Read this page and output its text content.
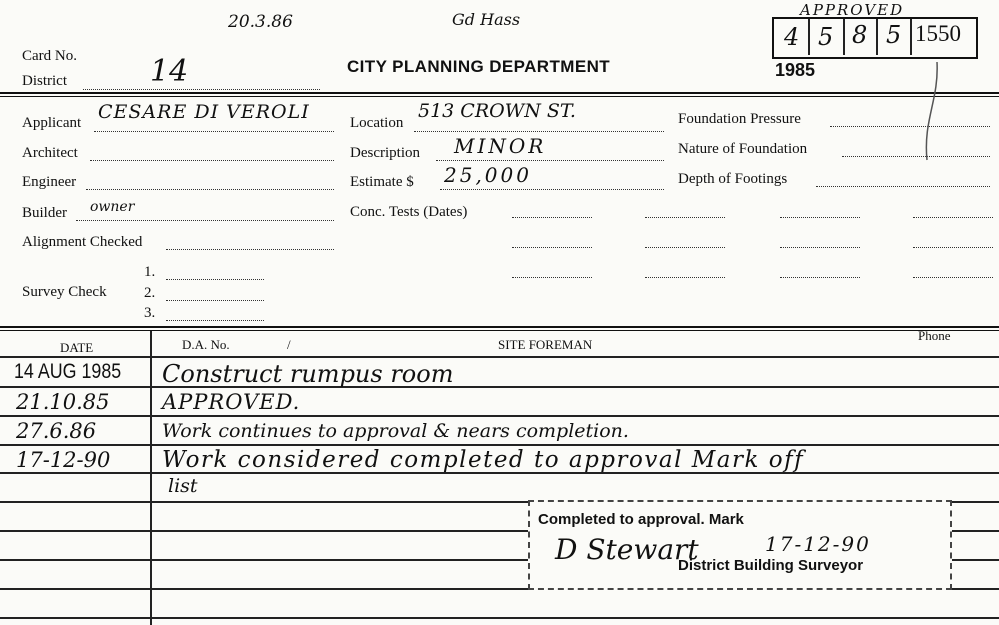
20.3.86	Gd Hass
Card No.
District	14	CITY PLANNING DEPARTMENT
APPROVED
4 5 8 5 1550
1985
Applicant CESARE DI VEROLI
Architect
Engineer
Builder owner
Alignment Checked
Survey Check
1.
2.
3.
Location
513 CROWN ST.
Description MINOR
Estimate $ 25,000
Conc. Tests (Dates)
Foundation Pressure
Nature of Foundation
Depth of Footings
DATE	D.A. No.	/	SITE FOREMAN
Phone
14 AUG 1985 Construct rumpus room
21.10.85 APPROVED.
27.6.86	Work continues to approval & nears completion.
17-12-90 Work considered completed to approval Mark off
list
Completed to approval. Mark
D Stewart	17-12-90
District Building Surveyor
